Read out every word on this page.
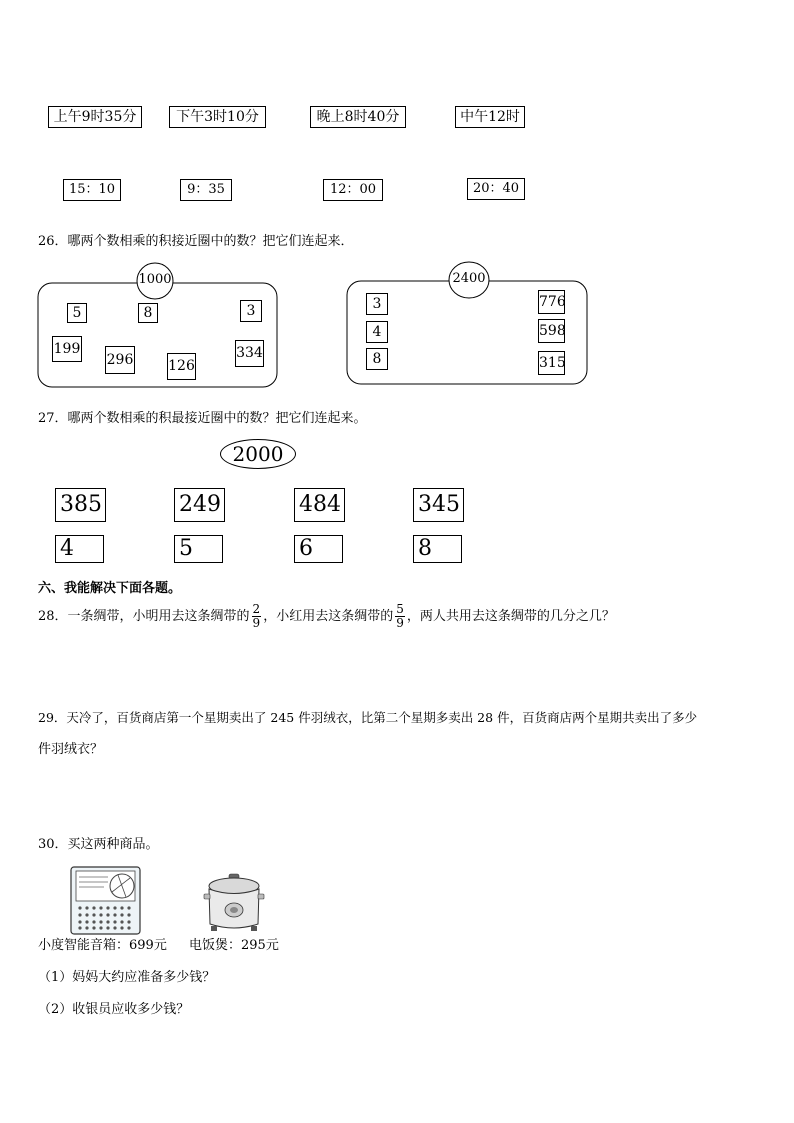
上午9时35分	下午3时10分	晚上8时40分	中午12时
15：10	9：35	12：00	20：40
26．哪两个数相乘的积接近圈中的数？把它们连起来．
1000	2400
5	8	3
199
296 126
334
3
4
8
776
598
315
27．哪两个数相乘的积最接近圈中的数？把它们连起来。
2000
385	249	484	345
4	5	6	8
六、我能解决下面各题。
28．一条绸带，小明用去这条绸带的 $\frac{2}{9}$ ，小红用去这条绸带的 $\frac{5}{9}$ ，两人共用去这条绸带的几分之几？
29．天冷了，百货商店第一个星期卖出了 245 件羽绒衣，比第二个星期多卖出 28 件，百货商店两个星期共卖出了多少
件羽绒衣？
30．买这两种商品。
小度智能音箱：699元 电饭煲：295元
（1）妈妈大约应准备多少钱？
（2）收银员应收多少钱？
